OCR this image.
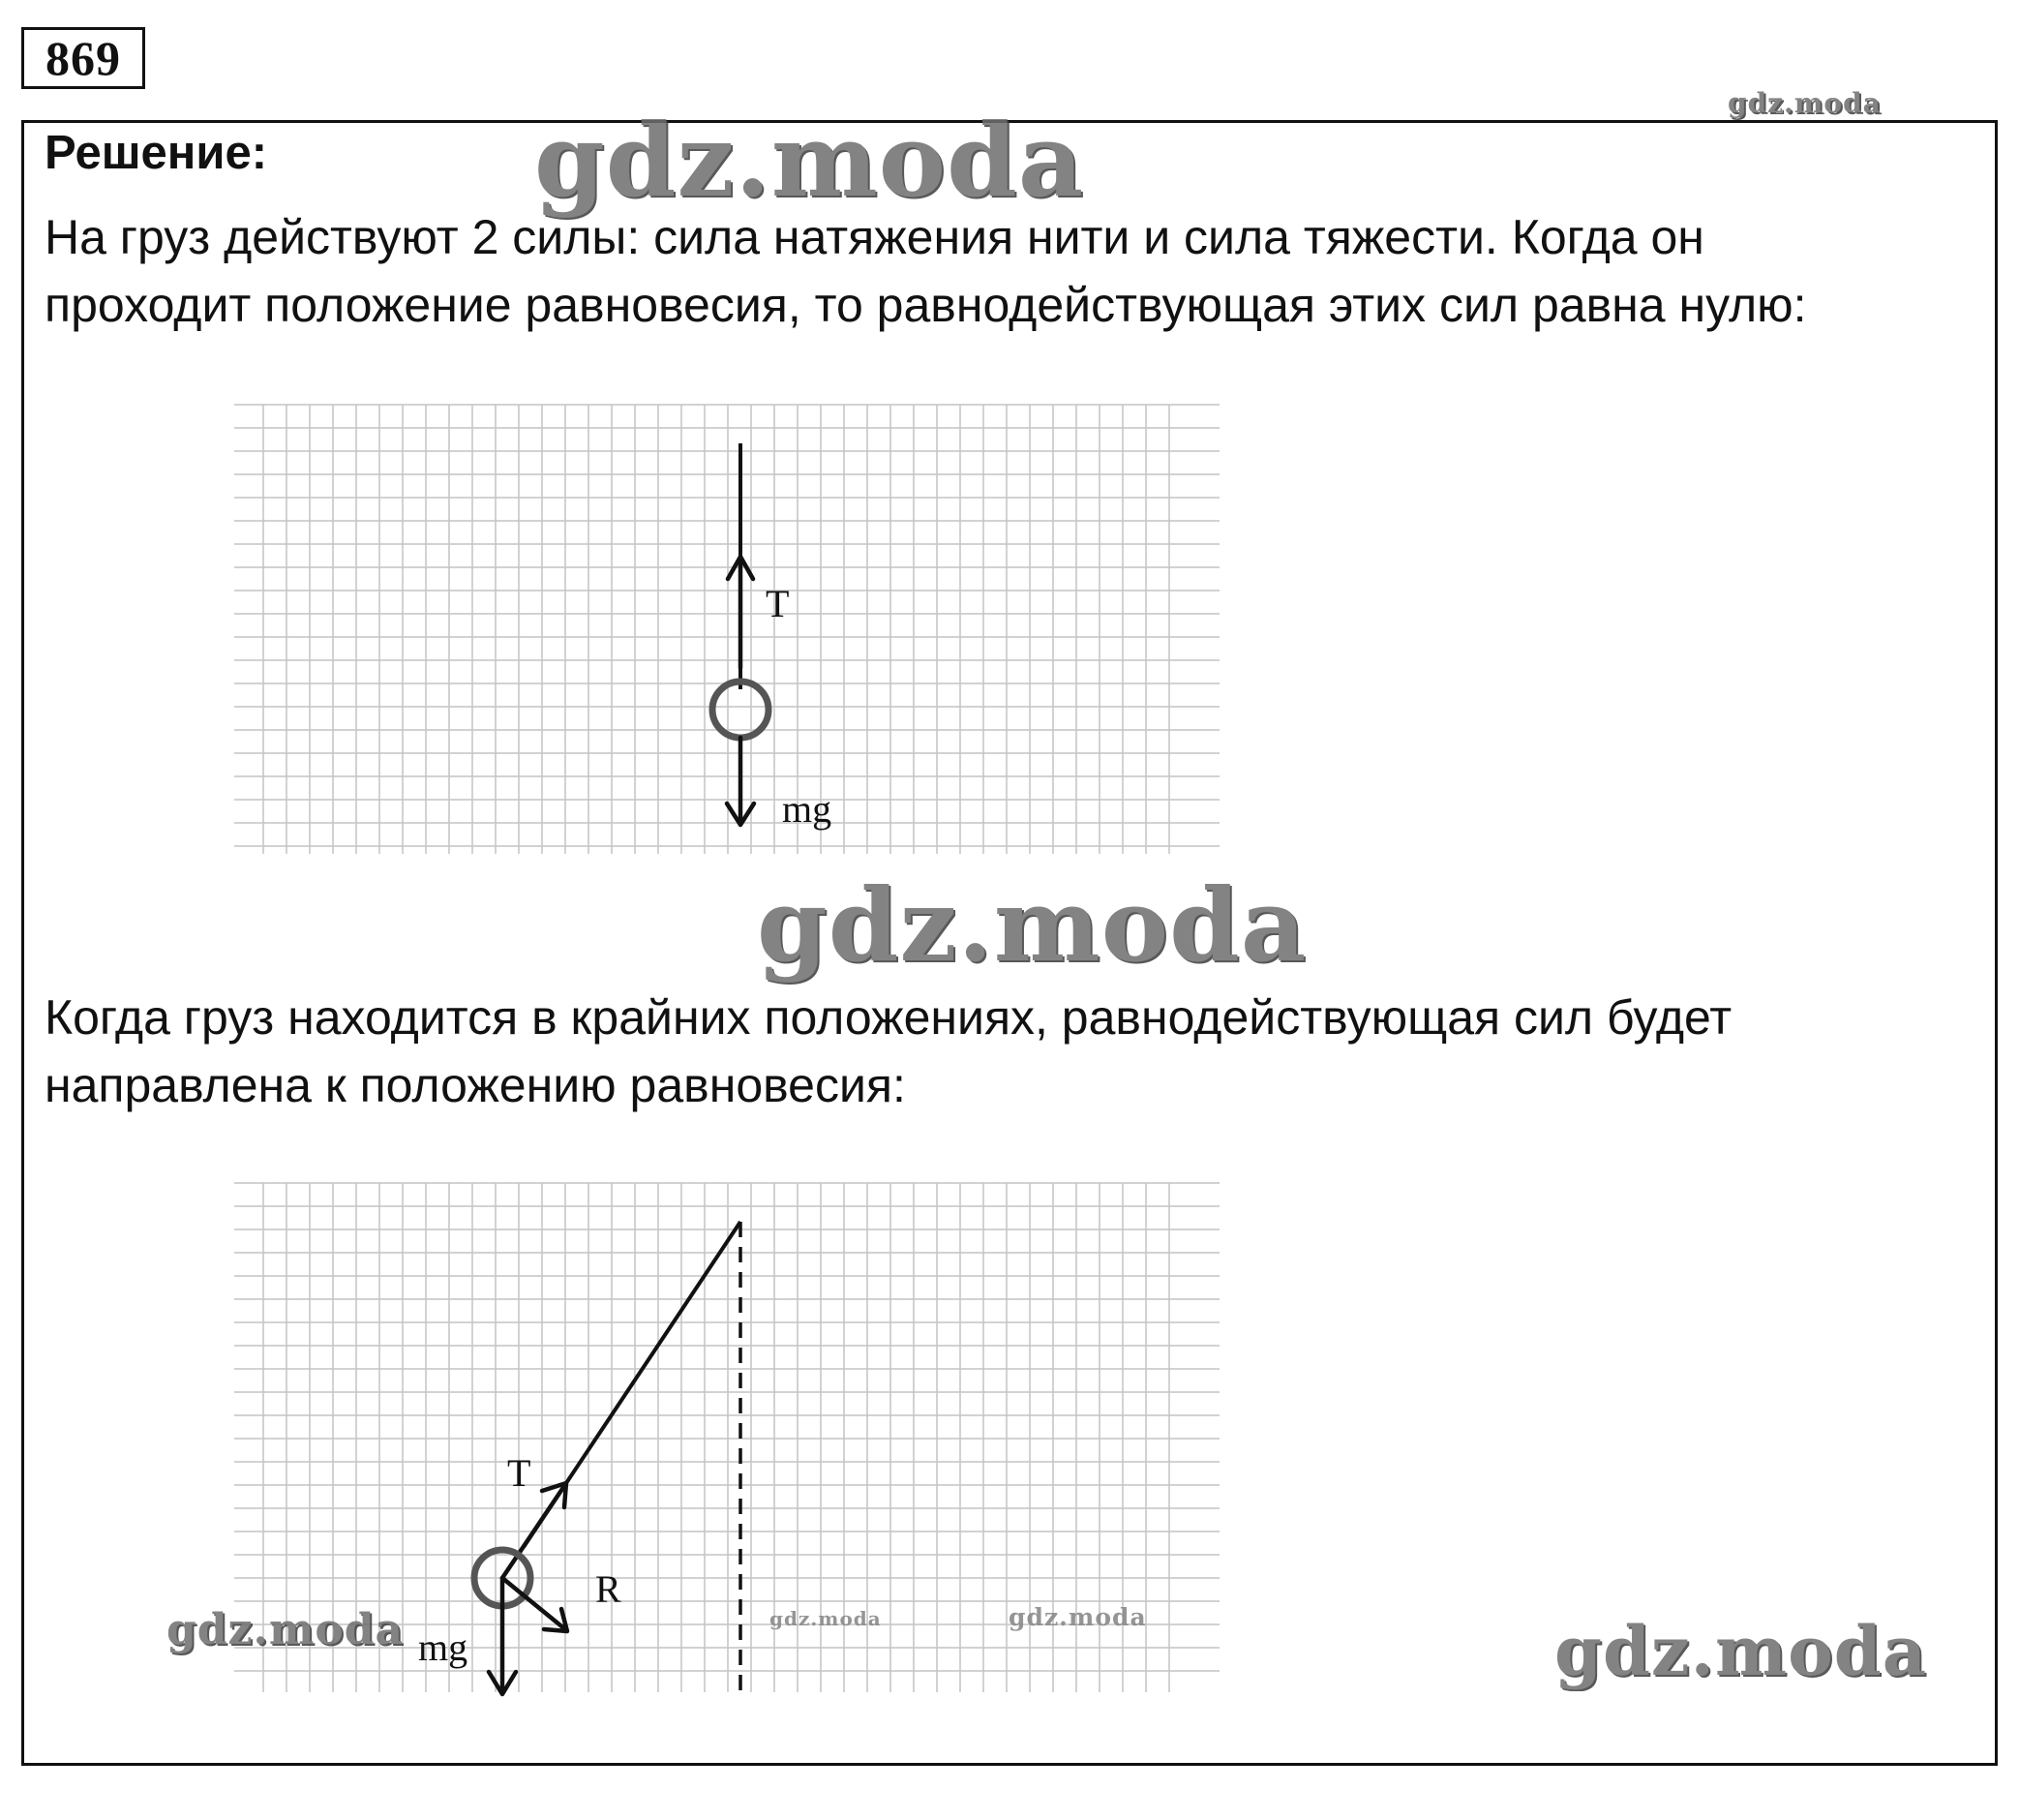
869
Решение:
На груз действуют 2 силы: сила натяжения нити и сила тяжести. Когда он
проходит положение равновесия, то равнодействующая этих сил равна нулю:
T
mg
Когда груз находится в крайних положениях, равнодействующая сил будет
направлена к положению равновесия:
T
R
mg
gdz.moda
gdz.moda
gdz.moda
gdz.moda	gdz.moda	gdz.moda	gdz.moda
